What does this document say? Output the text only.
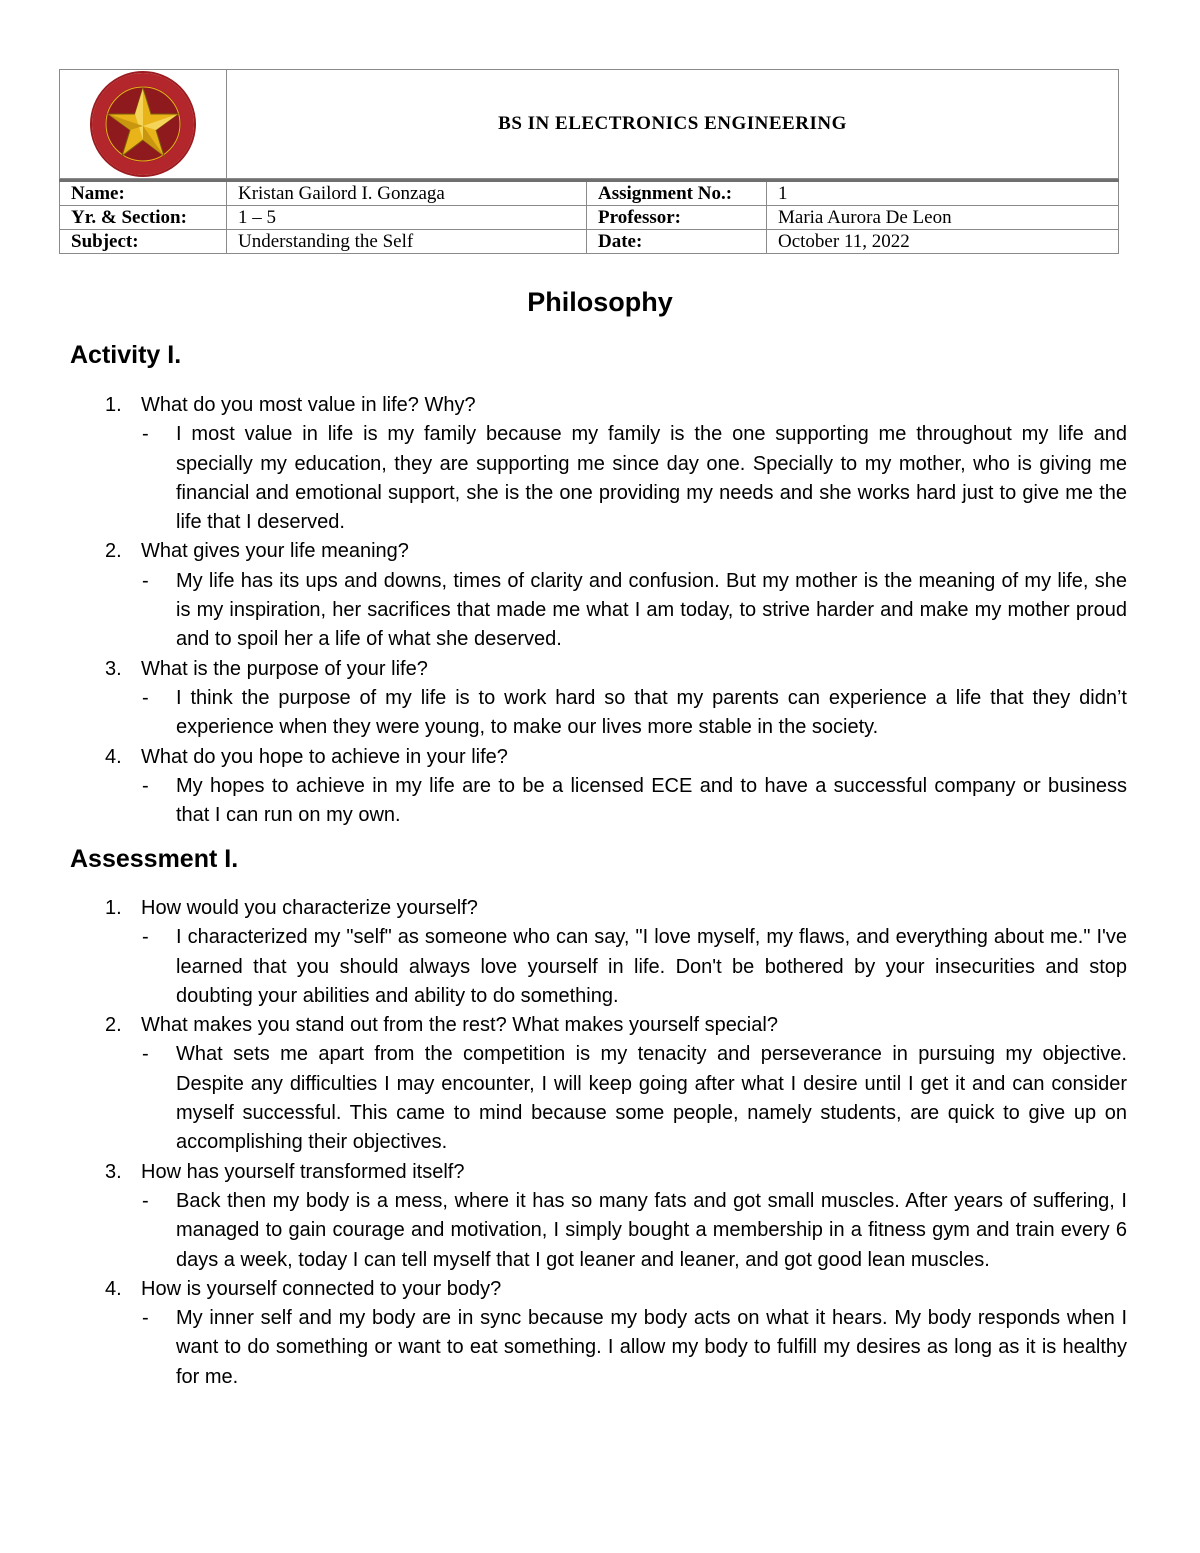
	BS IN ELECTRONICS ENGINEERING		

Name:	Kristan Gailord I. Gonzaga	Assignment No.:	1
Yr. & Section:	1 – 5	Professor:	Maria Aurora De Leon
Subject:	Understanding the Self	Date:	October 11, 2022
Philosophy
Activity I.
1. What do you most value in life? Why?
- I most value in life is my family because my family is the one supporting me throughout my life and specially my education, they are supporting me since day one. Specially to my mother, who is giving me financial and emotional support, she is the one providing my needs and she works hard just to give me the life that I deserved.
2. What gives your life meaning?
- My life has its ups and downs, times of clarity and confusion. But my mother is the meaning of my life, she is my inspiration, her sacrifices that made me what I am today, to strive harder and make my mother proud and to spoil her a life of what she deserved.
3. What is the purpose of your life?
- I think the purpose of my life is to work hard so that my parents can experience a life that they didn’t experience when they were young, to make our lives more stable in the society.
4. What do you hope to achieve in your life?
- My hopes to achieve in my life are to be a licensed ECE and to have a successful company or business that I can run on my own.
Assessment I.
1. How would you characterize yourself?
- I characterized my "self" as someone who can say, "I love myself, my flaws, and everything about me." I've learned that you should always love yourself in life. Don't be bothered by your insecurities and stop doubting your abilities and ability to do something.
2. What makes you stand out from the rest? What makes yourself special?
- What sets me apart from the competition is my tenacity and perseverance in pursuing my objective. Despite any difficulties I may encounter, I will keep going after what I desire until I get it and can consider myself successful. This came to mind because some people, namely students, are quick to give up on accomplishing their objectives.
3. How has yourself transformed itself?
- Back then my body is a mess, where it has so many fats and got small muscles. After years of suffering, I managed to gain courage and motivation, I simply bought a membership in a fitness gym and train every 6 days a week, today I can tell myself that I got leaner and leaner, and got good lean muscles.
4. How is yourself connected to your body?
- My inner self and my body are in sync because my body acts on what it hears. My body responds when I want to do something or want to eat something. I allow my body to fulfill my desires as long as it is healthy for me.
